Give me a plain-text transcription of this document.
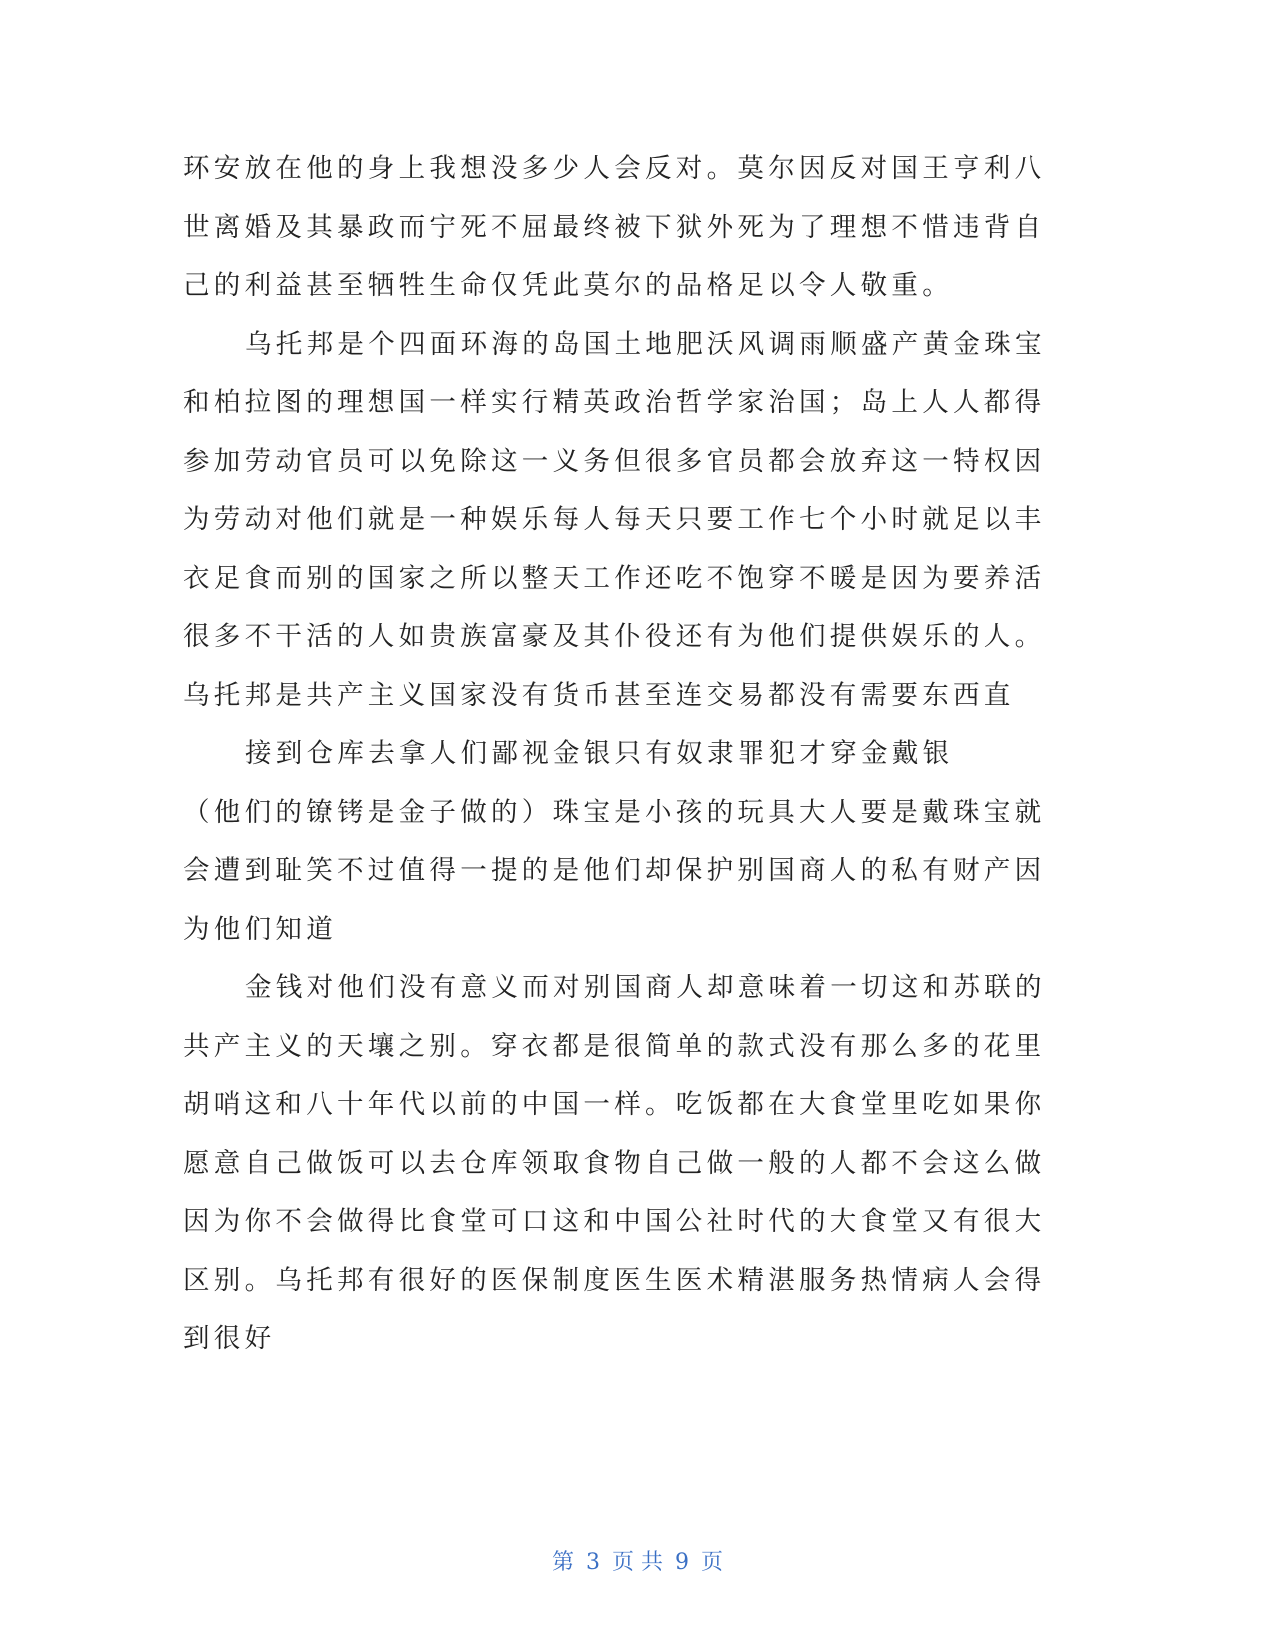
环安放在他的身上我想没多少人会反对。莫尔因反对国王亨利八
世离婚及其暴政而宁死不屈最终被下狱外死为了理想不惜违背自
己的利益甚至牺牲生命仅凭此莫尔的品格足以令人敬重。
乌托邦是个四面环海的岛国土地肥沃风调雨顺盛产黄金珠宝
和柏拉图的理想国一样实行精英政治哲学家治国；岛上人人都得
参加劳动官员可以免除这一义务但很多官员都会放弃这一特权因
为劳动对他们就是一种娱乐每人每天只要工作七个小时就足以丰
衣足食而别的国家之所以整天工作还吃不饱穿不暖是因为要养活
很多不干活的人如贵族富豪及其仆役还有为他们提供娱乐的人。
乌托邦是共产主义国家没有货币甚至连交易都没有需要东西直
接到仓库去拿人们鄙视金银只有奴隶罪犯才穿金戴银
（他们的镣铐是金子做的）珠宝是小孩的玩具大人要是戴珠宝就
会遭到耻笑不过值得一提的是他们却保护别国商人的私有财产因
为他们知道
金钱对他们没有意义而对别国商人却意味着一切这和苏联的
共产主义的天壤之别。穿衣都是很简单的款式没有那么多的花里
胡哨这和八十年代以前的中国一样。吃饭都在大食堂里吃如果你
愿意自己做饭可以去仓库领取食物自己做一般的人都不会这么做
因为你不会做得比食堂可口这和中国公社时代的大食堂又有很大
区别。乌托邦有很好的医保制度医生医术精湛服务热情病人会得
到很好
第 3 页 共 9 页
